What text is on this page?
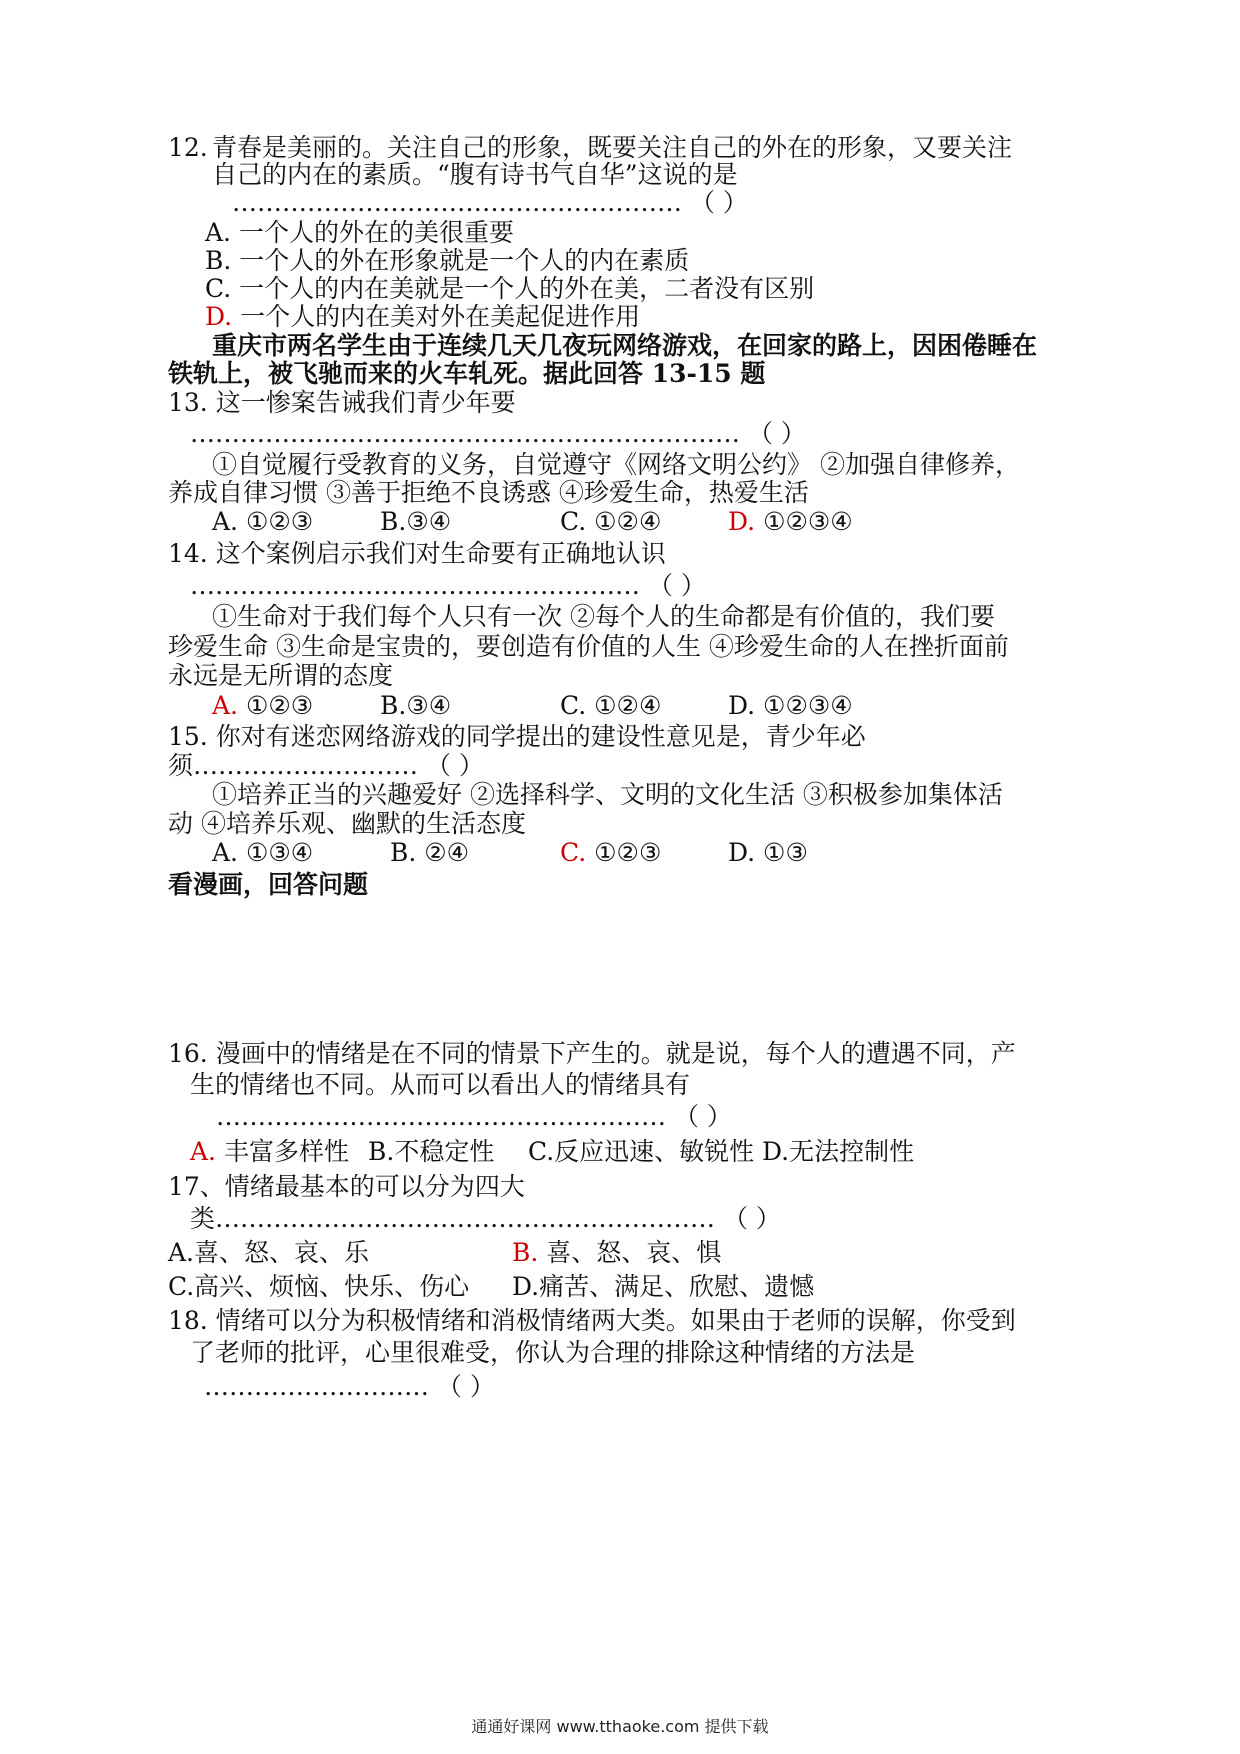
12. 青春是美丽的。关注自己的形象，既要关注自己的外在的形象，又要关注
自己的内在的素质。“腹有诗书气自华”这说的是
……………………………………………… （ ）
A. 一个人的外在的美很重要
B. 一个人的外在形象就是一个人的内在素质
C. 一个人的内在美就是一个人的外在美，二者没有区别
D. 一个人的内在美对外在美起促进作用
重庆市两名学生由于连续几天几夜玩网络游戏，在回家的路上，因困倦睡在
铁轨上，被飞驰而来的火车轧死。据此回答 13-15 题
13. 这一惨案告诫我们青少年要
………………………………………………………… （ ）
①自觉履行受教育的义务，自觉遵守《网络文明公约》 ②加强自律修养，
养成自律习惯 ③善于拒绝不良诱惑 ④珍爱生命，热爱生活
A. ①②③	B.③④	C. ①②④	D. ①②③④
14. 这个案例启示我们对生命要有正确地认识
……………………………………………… （ ）
①生命对于我们每个人只有一次 ②每个人的生命都是有价值的，我们要
珍爱生命 ③生命是宝贵的，要创造有价值的人生 ④珍爱生命的人在挫折面前
永远是无所谓的态度
A. ①②③	B.③④	C. ①②④	D. ①②③④
15. 你对有迷恋网络游戏的同学提出的建设性意见是，青少年必
须……………………… （ ）
①培养正当的兴趣爱好 ②选择科学、文明的文化生活 ③积极参加集体活
动 ④培养乐观、幽默的生活态度
A. ①③④	B. ②④	C. ①②③	D. ①③
看漫画，回答问题
16. 漫画中的情绪是在不同的情景下产生的。就是说，每个人的遭遇不同，产
生的情绪也不同。从而可以看出人的情绪具有
……………………………………………… （ ）
A. 丰富多样性 B.不稳定性 C.反应迅速、敏锐性 D.无法控制性
17、情绪最基本的可以分为四大
类…………………………………………………… （ ）
A.喜、怒、哀、乐	B. 喜、怒、哀、惧
C.高兴、烦恼、快乐、伤心 D.痛苦、满足、欣慰、遗憾
18. 情绪可以分为积极情绪和消极情绪两大类。如果由于老师的误解，你受到
了老师的批评，心里很难受，你认为合理的排除这种情绪的方法是
……………………… （ ）
通通好课网 www.tthaoke.com 提供下载
